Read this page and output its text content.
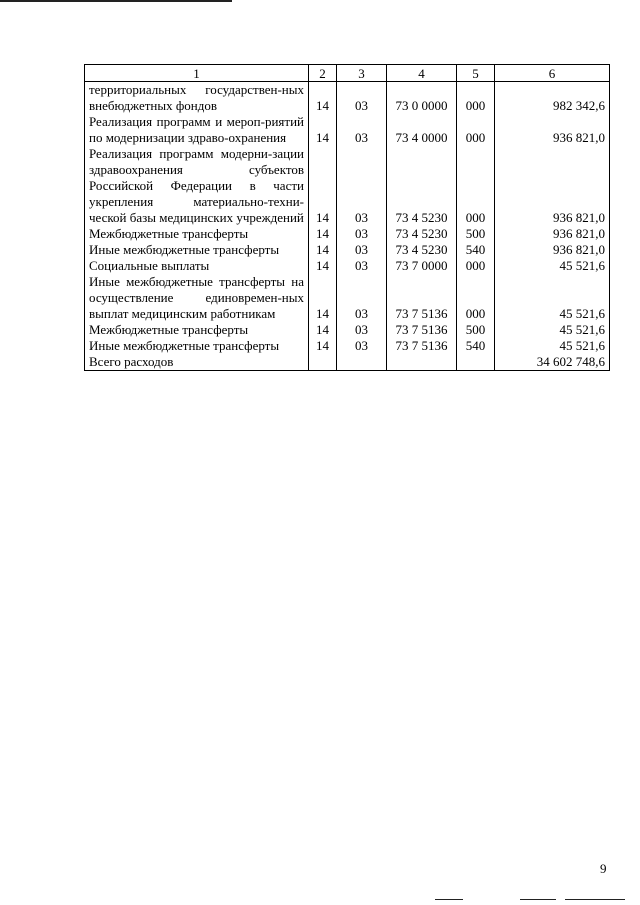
1	2	3	4	5	6
территориальных государствен-ных внебюджетных фондов	14	03	73 0 0000	000	982 342,6
Реализация программ и мероп-риятий по модернизации здраво-охранения	14	03	73 4 0000	000	936 821,0
Реализация программ модерни-зации здравоохранения субъектов Российской Федерации в части укрепления материально-техни-ческой базы медицинских учреждений	14	03	73 4 5230	000	936 821,0
Межбюджетные трансферты	14	03	73 4 5230	500	936 821,0
Иные межбюджетные трансферты	14	03	73 4 5230	540	936 821,0
Социальные выплаты	14	03	73 7 0000	000	45 521,6
Иные межбюджетные трансферты на осуществление единовремен-ных выплат медицинским работникам	14	03	73 7 5136	000	45 521,6
Межбюджетные трансферты	14	03	73 7 5136	500	45 521,6
Иные межбюджетные трансферты	14	03	73 7 5136	540	45 521,6
Всего расходов					34 602 748,6
9
